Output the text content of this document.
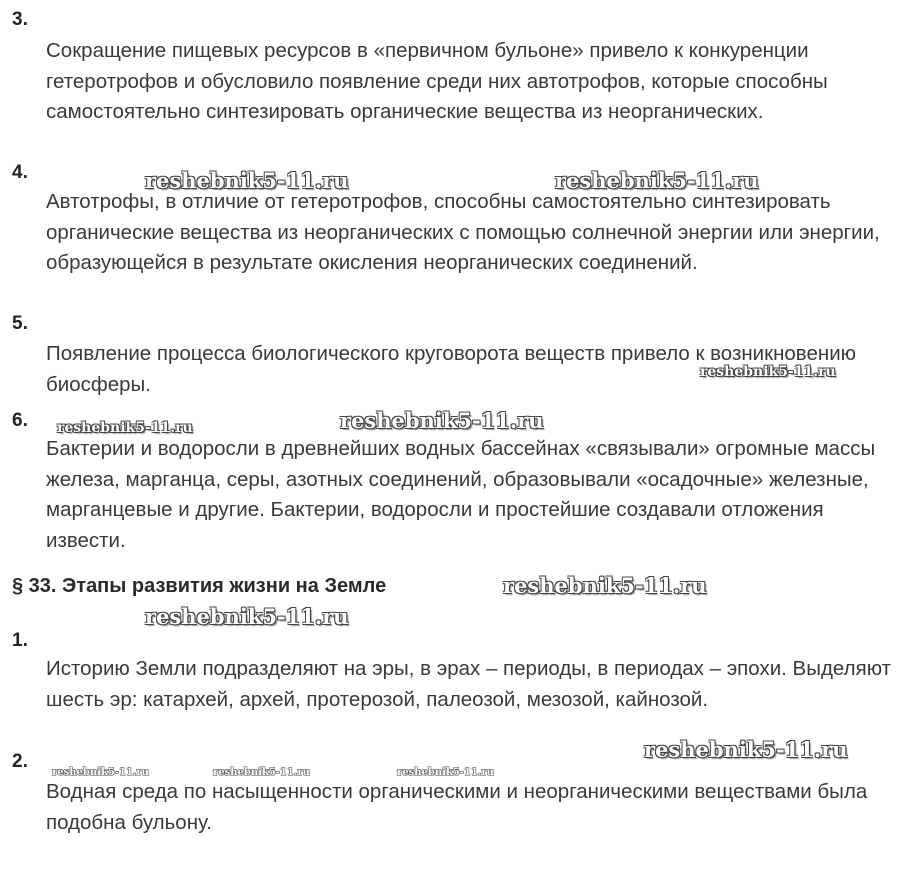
3.

Сокращение пищевых ресурсов в «первичном бульоне» привело к конкуренции гетеротрофов и обусловило появление среди них автотрофов, которые способны самостоятельно синтезировать органические вещества из неорганических.

4.

Автотрофы, в отличие от гетеротрофов, способны самостоятельно синтезировать органические вещества из неорганических с помощью солнечной энергии или энергии, образующейся в результате окисления неорганических соединений.

5.

Появление процесса биологического круговорота веществ привело к возникновению биосферы.

6.

Бактерии и водоросли в древнейших водных бассейнах «связывали» огромные массы железа, марганца, серы, азотных соединений, образовывали «осадочные» железные, марганцевые и другие. Бактерии, водоросли и простейшие создавали отложения извести.

§ 33. Этапы развития жизни на Земле
1.

Историю Земли подразделяют на эры, в эрах – периоды, в периодах – эпохи. Выделяют шесть эр: катархей, архей, протерозой, палеозой, мезозой, кайнозой.

2.

Водная среда по насыщенности органическими и неорганическими веществами была подобна бульону.

reshebnik5-11.ru	reshebnik5-11.ru
reshebnik5-11.ru
reshebnik5-11.ru	reshebnik5-11.ru
reshebnik5-11.ru
reshebnik5-11.ru
reshebnik5-11.ru
reshebnik5-11.ru	reshebnik5-11.ru	reshebnik5-11.ru
